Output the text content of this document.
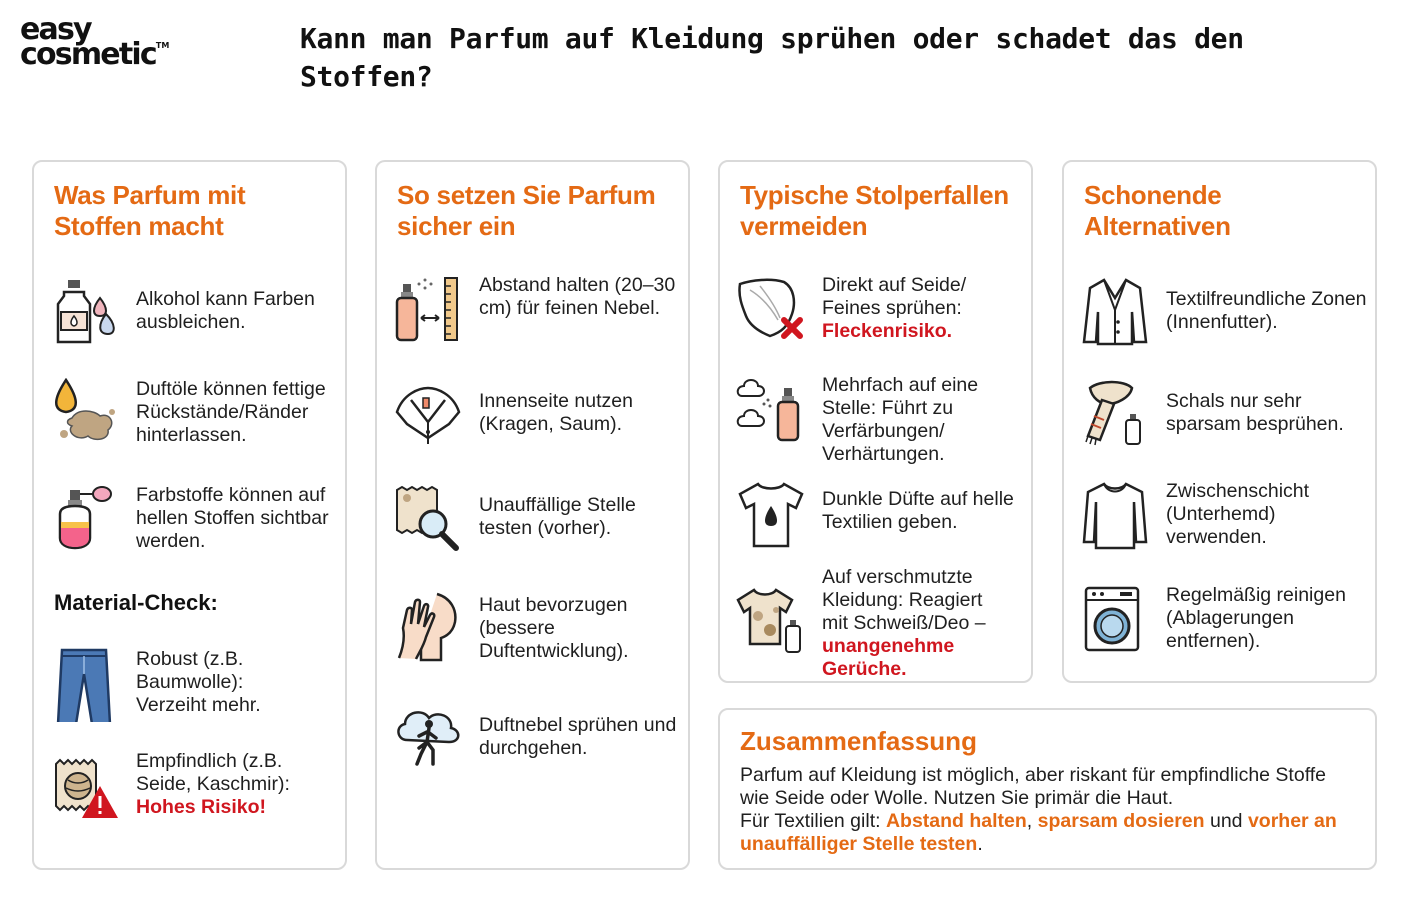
easy
cosmetic™	Kann man Parfum auf Kleidung sprühen oder schadet das den Stoffen?
Was Parfum mit Stoffen macht

Alkohol kann Farben ausbleichen.

Duftöle können fettige Rückstände/Ränder hinterlassen.

Farbstoffe können auf hellen Stoffen sichtbar werden.

Material-Check:

Robust (z.B. Baumwolle): Verzeiht mehr.

Empfindlich (z.B. Seide, Kaschmir):
Hohes Risiko!

So setzen Sie Parfum sicher ein

Abstand halten (20–30 cm) für feinen Nebel.

Innenseite nutzen (Kragen, Saum).

Unauffällige Stelle testen (vorher).

Haut bevorzugen (bessere Duftentwicklung).

Duftnebel sprühen und durchgehen.

Typische Stolperfallen vermeiden

Direkt auf Seide/ Feines sprühen:
Fleckenrisiko.

Mehrfach auf eine Stelle: Führt zu Verfärbungen/ Verhärtungen.

Dunkle Düfte auf helle Textilien geben.

Auf verschmutzte Kleidung: Reagiert mit Schweiß/Deo –
unangenehme Gerüche.

Schonende Alternativen

Textilfreundliche Zonen (Innenfutter).

Schals nur sehr sparsam besprühen.

Zwischenschicht (Unterhemd) verwenden.

Regelmäßig reinigen (Ablagerungen entfernen).

Zusammenfassung

Parfum auf Kleidung ist möglich, aber riskant für empfindliche Stoffe wie Seide oder Wolle. Nutzen Sie primär die Haut.
Für Textilien gilt: Abstand halten, sparsam dosieren und vorher an unauffälliger Stelle testen.
